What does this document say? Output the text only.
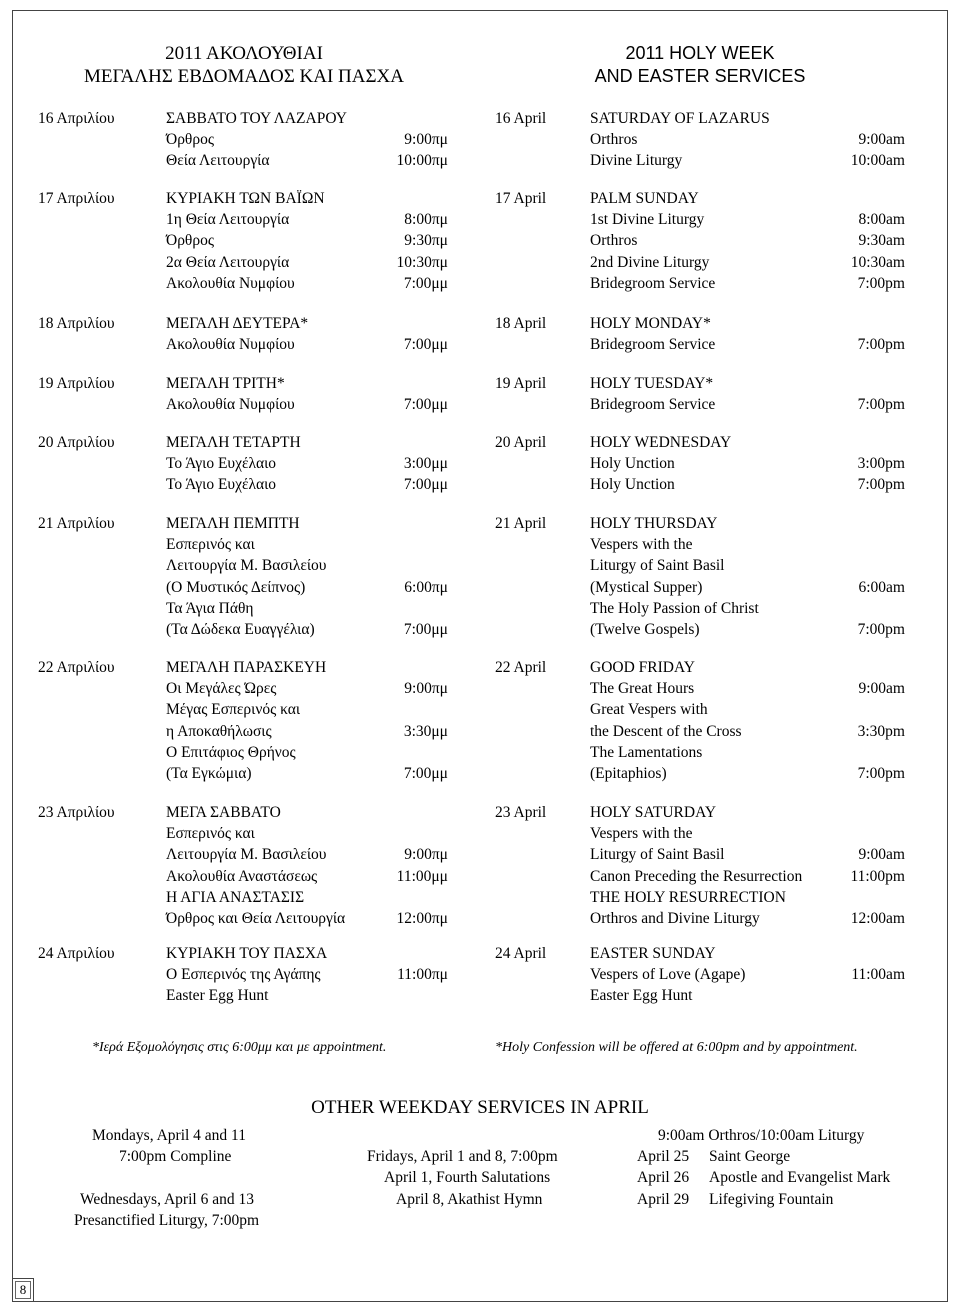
2011 ΑΚΟΛΟΥΘΙΑΙ
ΜΕΓΑΛΗΣ ΕΒΔΟΜΑΔΟΣ ΚΑΙ ΠΑΣΧΑ
16 Απριλίου	ΣΑΒΒΑΤΟ ΤΟΥ ΛΑΖΑΡΟΥ
Όρθρος	9:00πμ
Θεία Λειτουργία	10:00πμ
17 Απριλίου	ΚΥΡΙΑΚΗ ΤΩΝ ΒΑΪΩΝ
1η Θεία Λειτουργία	8:00πμ
Όρθρος	9:30πμ
2α Θεία Λειτουργία	10:30πμ
Ακολουθία Νυμφίου	7:00μμ
18 Απριλίου	ΜΕΓΑΛΗ ΔΕΥΤΕΡΑ*
Ακολουθία Νυμφίου	7:00μμ
19 Απριλίου	ΜΕΓΑΛΗ ΤΡΙΤΗ*
Ακολουθία Νυμφίου	7:00μμ
20 Απριλίου	ΜΕΓΑΛΗ ΤΕΤΑΡΤΗ
Το Άγιο Ευχέλαιο	3:00μμ
Το Άγιο Ευχέλαιο	7:00μμ
21 Απριλίου	ΜΕΓΑΛΗ ΠΕΜΠΤΗ
Εσπερινός και
Λειτουργία Μ. Βασιλείου
(Ο Μυστικός Δείπνος)	6:00πμ
Τα Άγια Πάθη
(Τα Δώδεκα Ευαγγέλια)	7:00μμ
22 Απριλίου	ΜΕΓΑΛΗ ΠΑΡΑΣΚΕΥΗ
Οι Μεγάλες Ώρες	9:00πμ
Μέγας Εσπερινός και
η Αποκαθήλωσις	3:30μμ
Ο Επιτάφιος Θρήνος
(Τα Εγκώμια)	7:00μμ
23 Απριλίου	ΜΕΓΑ ΣΑΒΒΑΤΟ
Εσπερινός και
Λειτουργία Μ. Βασιλείου	9:00πμ
Ακολουθία Αναστάσεως	11:00μμ
Η ΑΓΙΑ ΑΝΑΣΤΑΣΙΣ
Όρθρος και Θεία Λειτουργία	12:00πμ
24 Απριλίου	ΚΥΡΙΑΚΗ ΤΟΥ ΠΑΣΧΑ
Ο Εσπερινός της Αγάπης	11:00πμ
Easter Egg Hunt
2011 HOLY WEEK
AND EASTER SERVICES
16 April	SATURDAY OF LAZARUS
Orthros	9:00am
Divine Liturgy	10:00am
17 April	PALM SUNDAY
1st Divine Liturgy	8:00am
Orthros	9:30am
2nd Divine Liturgy	10:30am
Bridegroom Service	7:00pm
18 April	HOLY MONDAY*
Bridegroom Service	7:00pm
19 April	HOLY TUESDAY*
Bridegroom Service	7:00pm
20 April	HOLY WEDNESDAY
Holy Unction	3:00pm
Holy Unction	7:00pm
21 April	HOLY THURSDAY
Vespers with the
Liturgy of Saint Basil
(Mystical Supper)	6:00am
The Holy Passion of Christ
(Twelve Gospels)	7:00pm
22 April	GOOD FRIDAY
The Great Hours	9:00am
Great Vespers with
the Descent of the Cross	3:30pm
The Lamentations
(Epitaphios)	7:00pm
23 April	HOLY SATURDAY
Vespers with the
Liturgy of Saint Basil	9:00am
Canon Preceding the Resurrection	11:00pm
THE HOLY RESURRECTION
Orthros and Divine Liturgy	12:00am
24 April	EASTER SUNDAY
Vespers of Love (Agape)	11:00am
Easter Egg Hunt
*Ιερά Εξομολόγησις στις 6:00μμ και με appointment.	*Holy Confession will be offered at 6:00pm and by appointment.
OTHER WEEKDAY SERVICES IN APRIL
Mondays, April 4 and 11
7:00pm Compline
Wednesdays, April 6 and 13
Presanctified Liturgy, 7:00pm
Fridays, April 1 and 8, 7:00pm
April 1, Fourth Salutations
April 8, Akathist Hymn
9:00am Orthros/10:00am Liturgy
April 25 Saint George
April 26 Apostle and Evangelist Mark
April 29 Lifegiving Fountain
8
